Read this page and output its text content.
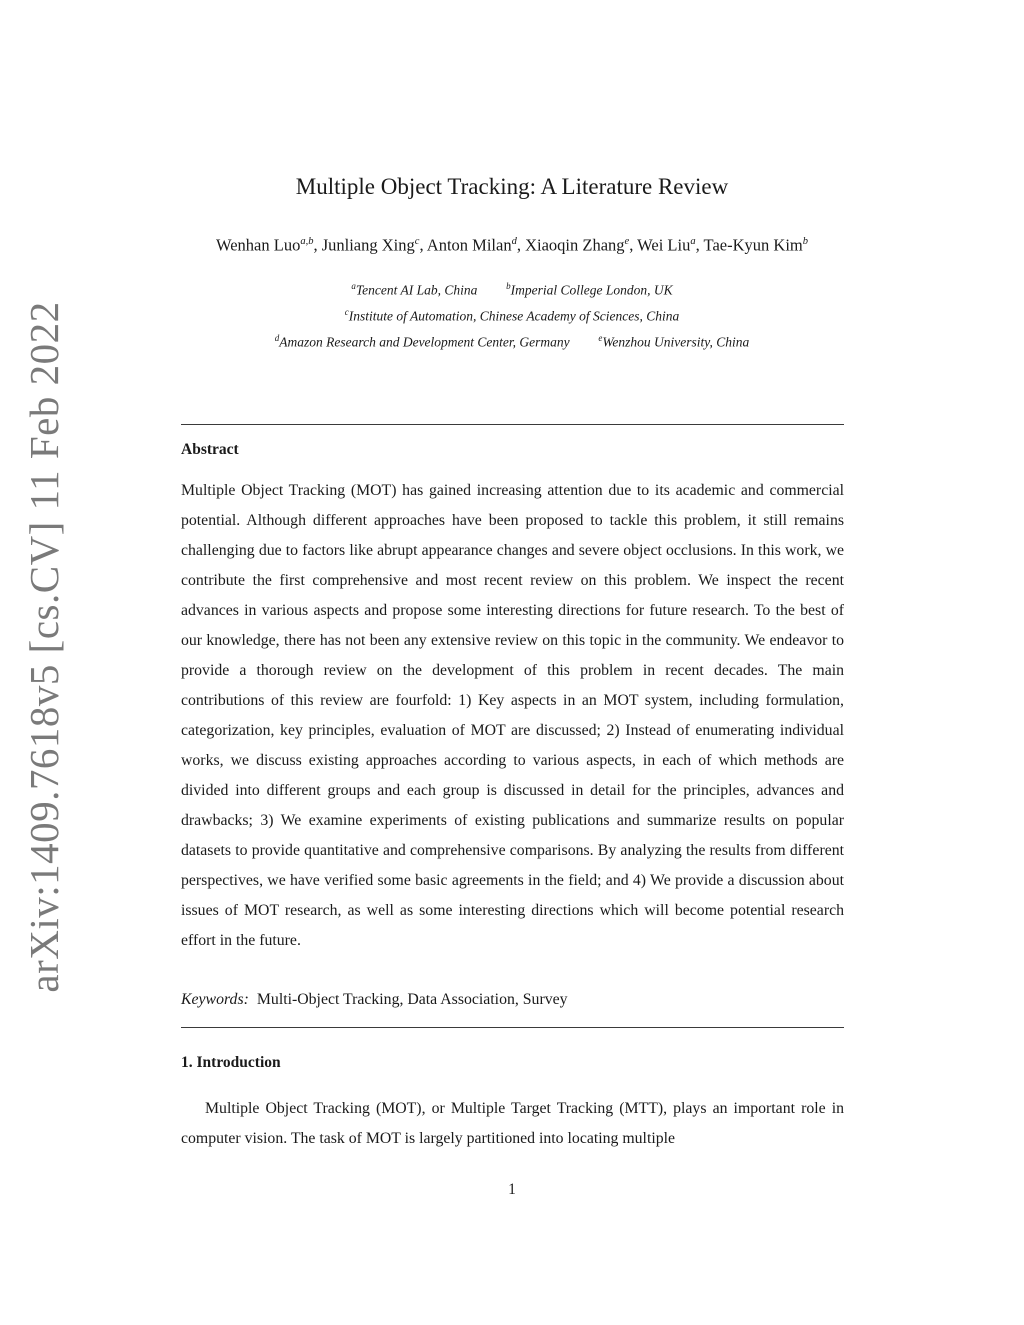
arXiv:1409.7618v5 [cs.CV] 11 Feb 2022
Multiple Object Tracking: A Literature Review
Wenhan Luo$^{a,b}$, Junliang Xing$^c$, Anton Milan$^d$, Xiaoqin Zhang$^e$, Wei Liu$^a$, Tae-Kyun Kim$^b$
$^a$Tencent AI Lab, China	$^b$Imperial College London, UK
$^c$Institute of Automation, Chinese Academy of Sciences, China
$^d$Amazon Research and Development Center, Germany	$^e$Wenzhou University, China
Abstract
Multiple Object Tracking (MOT) has gained increasing attention due to its academic and commercial potential. Although different approaches have been proposed to tackle this problem, it still remains challenging due to factors like abrupt appearance changes and severe object occlusions. In this work, we contribute the first comprehensive and most recent review on this problem. We inspect the recent advances in various aspects and propose some interesting directions for future research. To the best of our knowledge, there has not been any extensive review on this topic in the community. We endeavor to provide a thorough review on the development of this problem in recent decades. The main contributions of this review are fourfold: 1) Key aspects in an MOT system, including formulation, categorization, key principles, evaluation of MOT are discussed; 2) Instead of enumerating individual works, we discuss existing approaches according to various aspects, in each of which methods are divided into different groups and each group is discussed in detail for the principles, advances and drawbacks; 3) We examine experiments of existing publications and summarize results on popular datasets to provide quantitative and comprehensive comparisons. By analyzing the results from different perspectives, we have verified some basic agreements in the field; and 4) We provide a discussion about issues of MOT research, as well as some interesting directions which will become potential research effort in the future.
Keywords: Multi-Object Tracking, Data Association, Survey
1. Introduction
Multiple Object Tracking (MOT), or Multiple Target Tracking (MTT), plays an important role in computer vision. The task of MOT is largely partitioned into locating multiple
1
